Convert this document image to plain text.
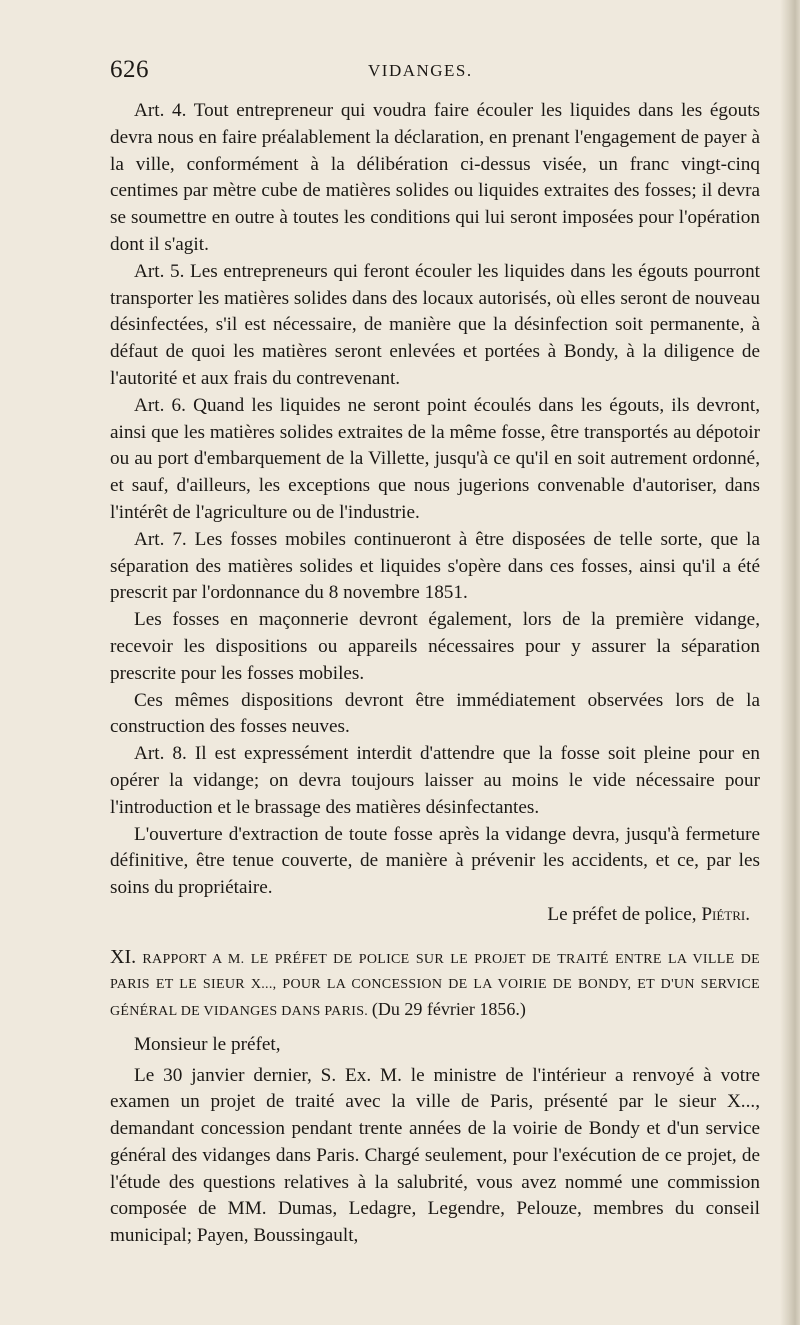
626	VIDANGES.

Art. 4. Tout entrepreneur qui voudra faire écouler les liquides dans les égouts devra nous en faire préalablement la déclaration, en prenant l'engagement de payer à la ville, conformément à la délibération ci-dessus visée, un franc vingt-cinq centimes par mètre cube de matières solides ou liquides extraites des fosses; il devra se soumettre en outre à toutes les conditions qui lui seront imposées pour l'opération dont il s'agit.

Art. 5. Les entrepreneurs qui feront écouler les liquides dans les égouts pourront transporter les matières solides dans des locaux autorisés, où elles seront de nouveau désinfectées, s'il est nécessaire, de manière que la désinfection soit permanente, à défaut de quoi les matières seront enlevées et portées à Bondy, à la diligence de l'autorité et aux frais du contrevenant.

Art. 6. Quand les liquides ne seront point écoulés dans les égouts, ils devront, ainsi que les matières solides extraites de la même fosse, être transportés au dépotoir ou au port d'embarquement de la Villette, jusqu'à ce qu'il en soit autrement ordonné, et sauf, d'ailleurs, les exceptions que nous jugerions convenable d'autoriser, dans l'intérêt de l'agriculture ou de l'industrie.

Art. 7. Les fosses mobiles continueront à être disposées de telle sorte, que la séparation des matières solides et liquides s'opère dans ces fosses, ainsi qu'il a été prescrit par l'ordonnance du 8 novembre 1851.

Les fosses en maçonnerie devront également, lors de la première vidange, recevoir les dispositions ou appareils nécessaires pour y assurer la séparation prescrite pour les fosses mobiles.

Ces mêmes dispositions devront être immédiatement observées lors de la construction des fosses neuves.

Art. 8. Il est expressément interdit d'attendre que la fosse soit pleine pour en opérer la vidange; on devra toujours laisser au moins le vide nécessaire pour l'introduction et le brassage des matières désinfectantes.

L'ouverture d'extraction de toute fosse après la vidange devra, jusqu'à fermeture définitive, être tenue couverte, de manière à prévenir les accidents, et ce, par les soins du propriétaire.

Le préfet de police, Piétri.

XI. RAPPORT A M. LE PRÉFET DE POLICE SUR LE PROJET DE TRAITÉ ENTRE LA VILLE DE PARIS ET LE SIEUR X..., POUR LA CONCESSION DE LA VOIRIE DE BONDY, ET D'UN SERVICE GÉNÉRAL DE VIDANGES DANS PARIS. (Du 29 février 1856.)

Monsieur le préfet,

Le 30 janvier dernier, S. Ex. M. le ministre de l'intérieur a renvoyé à votre examen un projet de traité avec la ville de Paris, présenté par le sieur X..., demandant concession pendant trente années de la voirie de Bondy et d'un service général des vidanges dans Paris. Chargé seulement, pour l'exécution de ce projet, de l'étude des questions relatives à la salubrité, vous avez nommé une commission composée de MM. Dumas, Ledagre, Legendre, Pelouze, membres du conseil municipal; Payen, Boussingault,
